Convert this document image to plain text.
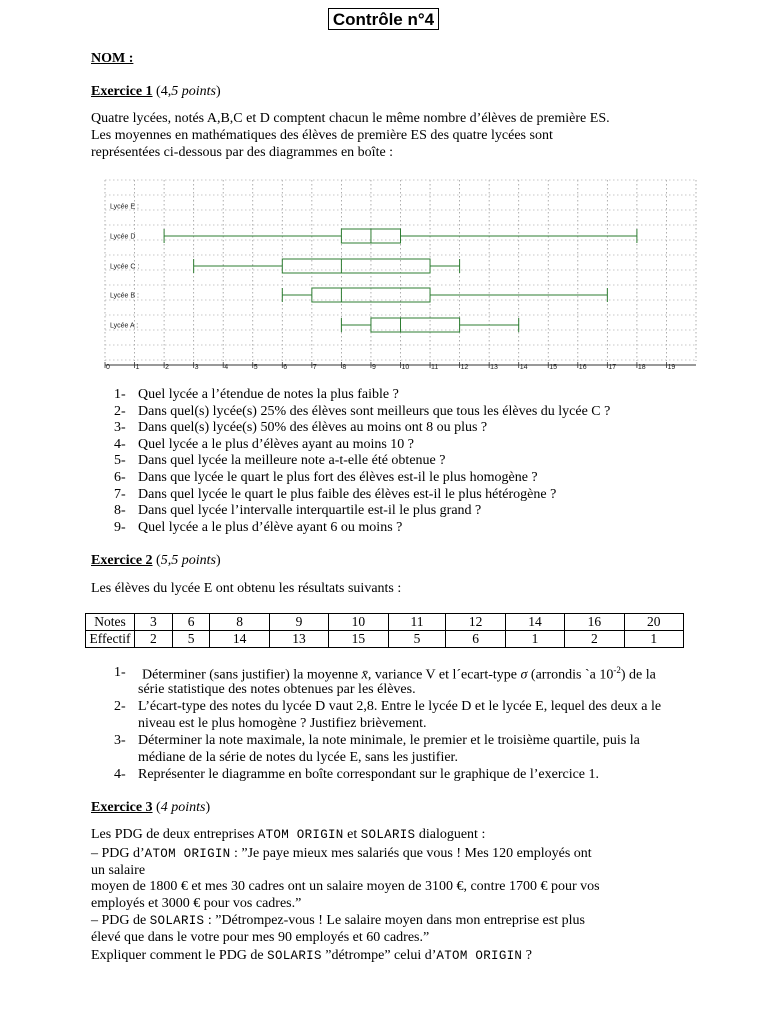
Contrôle n°4
NOM :
Exercice 1 (4,5 points)
Quatre lycées, notés A,B,C et D comptent chacun le même nombre d’élèves de première ES.
Les moyennes en mathématiques des élèves de première ES des quatre lycées sont
représentées ci-dessous par des diagrammes en boîte :
0	1	2	3	4	5	6	7	8	9	10	11	12	13	14	15	16	17	18	19
Lycée E :
Lycée D
Lycée C :
Lycée B :
Lycée A :
1- Quel lycée a l’étendue de notes la plus faible ?
2- Dans quel(s) lycée(s) 25% des élèves sont meilleurs que tous les élèves du lycée C ?
3- Dans quel(s) lycée(s) 50% des élèves au moins ont 8 ou plus ?
4- Quel lycée a le plus d’élèves ayant au moins 10 ?
5- Dans quel lycée la meilleure note a-t-elle été obtenue ?
6- Dans que lycée le quart le plus fort des élèves est-il le plus homogène ?
7- Dans quel lycée le quart le plus faible des élèves est-il le plus hétérogène ?
8- Dans quel lycée l’intervalle interquartile est-il le plus grand ?
9- Quel lycée a le plus d’élève ayant 6 ou moins ?
Exercice 2 (5,5 points)
Les élèves du lycée E ont obtenu les résultats suivants :
Notes	3	6	8	9	10	11	12	14	16	20
Effectif	2	5	14	13	15	5	6	1	2	1
1- Déterminer (sans justifier) la moyenne x̄, variance V et l´ecart-type σ (arrondis `a $10^{-2}$) de la
série statistique des notes obtenues par les élèves.
2- L’écart-type des notes du lycée D vaut 2,8. Entre le lycée D et le lycée E, lequel des deux a le
niveau est le plus homogène ? Justifiez brièvement.
3- Déterminer la note maximale, la note minimale, le premier et le troisième quartile, puis la
médiane de la série de notes du lycée E, sans les justifier.
4- Représenter le diagramme en boîte correspondant sur le graphique de l’exercice 1.
Exercice 3 (4 points)
Les PDG de deux entreprises ATOM ORIGIN et SOLARIS dialoguent :
– PDG d’ATOM ORIGIN : ”Je paye mieux mes salariés que vous ! Mes 120 employés ont
un salaire
moyen de 1800 € et mes 30 cadres ont un salaire moyen de 3100 €, contre 1700 € pour vos
employés et 3000 € pour vos cadres.”
– PDG de SOLARIS : ”Détrompez-vous ! Le salaire moyen dans mon entreprise est plus
élevé que dans le votre pour mes 90 employés et 60 cadres.”
Expliquer comment le PDG de SOLARIS ”détrompe” celui d’ATOM ORIGIN ?
